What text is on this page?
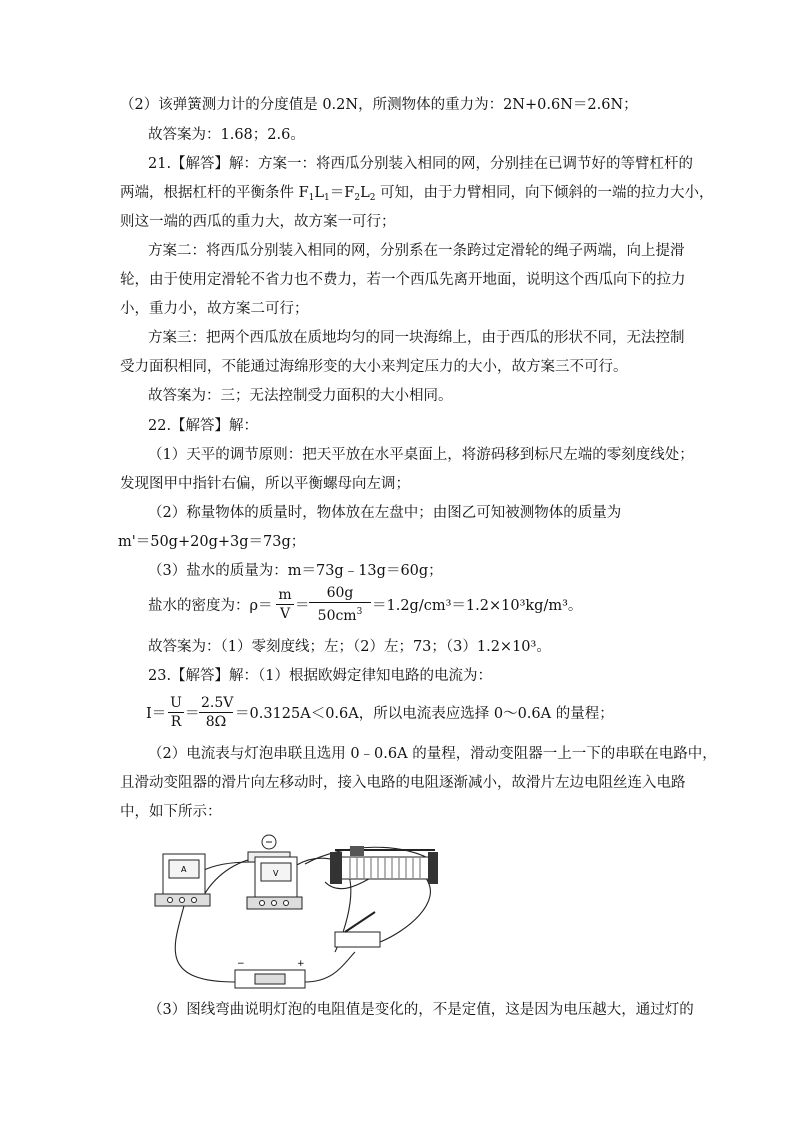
（2）该弹簧测力计的分度值是 0.2N，所测物体的重力为：2N+0.6N＝2.6N；
故答案为：1.68；2.6。
21.【解答】解：方案一：将西瓜分别装入相同的网，分别挂在已调节好的等臂杠杆的
两端，根据杠杆的平衡条件 $F_1L_1=F_2L_2$ 可知，由于力臂相同，向下倾斜的一端的拉力大小，
则这一端的西瓜的重力大，故方案一可行；
方案二：将西瓜分别装入相同的网，分别系在一条跨过定滑轮的绳子两端，向上提滑
轮，由于使用定滑轮不省力也不费力，若一个西瓜先离开地面，说明这个西瓜向下的拉力
小，重力小，故方案二可行；
方案三：把两个西瓜放在质地均匀的同一块海绵上，由于西瓜的形状不同，无法控制
受力面积相同，不能通过海绵形变的大小来判定压力的大小，故方案三不可行。
故答案为：三；无法控制受力面积的大小相同。
22.【解答】解：
（1）天平的调节原则：把天平放在水平桌面上，将游码移到标尺左端的零刻度线处；
发现图甲中指针右偏，所以平衡螺母向左调；
（2）称量物体的质量时，物体放在左盘中；由图乙可知被测物体的质量为
m'＝50g+20g+3g＝73g；
（3）盐水的质量为：m＝73g﹣13g＝60g；
盐水的密度为：$\rho= \frac{m}{V} = \frac{60g}{50cm^3} =1.2g/cm^3=1.2\times 10^3kg/m^3$。
故答案为：（1）零刻度线；左；（2）左；73；（3）1.2×10³。
23.【解答】解：（1）根据欧姆定律知电路的电流为：
$I= \frac{U}{R} = \frac{2.5V}{8\Omega} =0.3125A<0.6A$，所以电流表应选择 0～0.6A 的量程；
（2）电流表与灯泡串联且选用 0﹣0.6A 的量程，滑动变阻器一上一下的串联在电路中，
且滑动变阻器的滑片向左移动时，接入电路的电阻逐渐减小，故滑片左边电阻丝连入电路
中，如下所示：
A	V
−	+
（3）图线弯曲说明灯泡的电阻值是变化的，不是定值，这是因为电压越大，通过灯的
